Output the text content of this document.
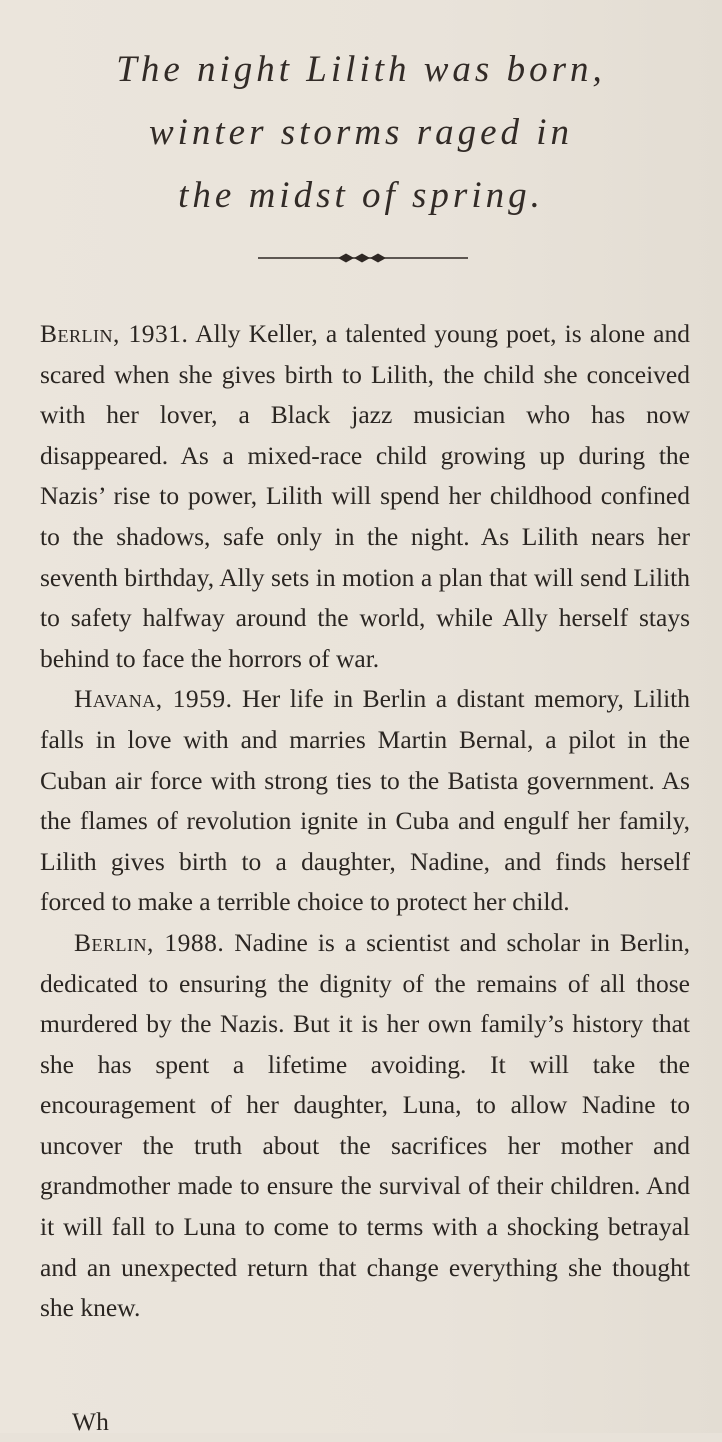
The night Lilith was born,
winter storms raged in
the midst of spring.

Berlin, 1931. Ally Keller, a talented young poet, is alone and scared when she gives birth to Lilith, the child she conceived with her lover, a Black jazz musician who has now disappeared. As a mixed-race child growing up during the Nazis’ rise to power, Lilith will spend her childhood confined to the shadows, safe only in the night. As Lilith nears her seventh birthday, Ally sets in motion a plan that will send Lilith to safety halfway around the world, while Ally herself stays behind to face the horrors of war.

Havana, 1959. Her life in Berlin a distant memory, Lilith falls in love with and marries Martin Bernal, a pilot in the Cuban air force with strong ties to the Batista government. As the flames of revolution ignite in Cuba and engulf her family, Lilith gives birth to a daughter, Nadine, and finds herself forced to make a terrible choice to protect her child.

Berlin, 1988. Nadine is a scientist and scholar in Berlin, dedicated to ensuring the dignity of the remains of all those murdered by the Nazis. But it is her own family’s history that she has spent a lifetime avoiding. It will take the encouragement of her daughter, Luna, to allow Nadine to uncover the truth about the sacrifices her mother and grandmother made to ensure the survival of their children. And it will fall to Luna to come to terms with a shocking betrayal and an unexpected return that change everything she thought she knew.

Wh
